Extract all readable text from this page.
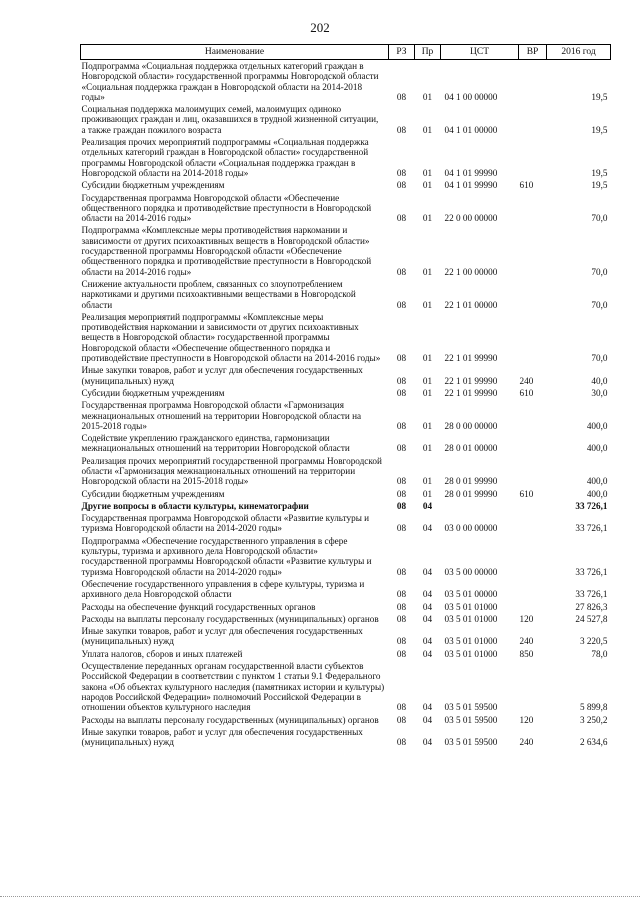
202
Наименование	РЗ	Пр	ЦСТ	ВР	2016 год
Подпрограмма «Социальная поддержка отдельных категорий граждан в Новгородской области» государственной программы Новгородской области «Социальная поддержка граждан в Новгородской области на 2014-2018 годы»	08	01	04 1 00 00000		19,5
Социальная поддержка малоимущих семей, малоимущих одиноко проживающих граждан и лиц, оказавшихся в трудной жизненной ситуации, а также граждан пожилого возраста	08	01	04 1 01 00000		19,5
Реализация прочих мероприятий подпрограммы «Социальная поддержка отдельных категорий граждан в Новгородской области» государственной программы Новгородской области «Социальная поддержка граждан в Новгородской области на 2014-2018 годы»	08	01	04 1 01 99990		19,5
Субсидии бюджетным учреждениям	08	01	04 1 01 99990	610	19,5
Государственная программа Новгородской области «Обеспечение общественного порядка и противодействие преступности в Новгородской области на 2014-2016 годы»	08	01	22 0 00 00000		70,0
Подпрограмма «Комплексные меры противодействия наркомании и зависимости от других психоактивных веществ в Новгородской области» государственной программы Новгородской области «Обеспечение общественного порядка и противодействие преступности в Новгородской области на 2014-2016 годы»	08	01	22 1 00 00000		70,0
Снижение актуальности проблем, связанных со злоупотреблением наркотиками и другими психоактивными веществами в Новгородской области	08	01	22 1 01 00000		70,0
Реализация мероприятий подпрограммы «Комплексные меры противодействия наркомании и зависимости от других психоактивных веществ в Новгородской области» государственной программы Новгородской области «Обеспечение общественного порядка и противодействие преступности в Новгородской области на 2014-2016 годы»	08	01	22 1 01 99990		70,0
Иные закупки товаров, работ и услуг для обеспечения государственных (муниципальных) нужд	08	01	22 1 01 99990	240	40,0
Субсидии бюджетным учреждениям	08	01	22 1 01 99990	610	30,0
Государственная программа Новгородской области «Гармонизация межнациональных отношений на территории Новгородской области на 2015-2018 годы»	08	01	28 0 00 00000		400,0
Содействие укреплению гражданского единства, гармонизации межнациональных отношений на территории Новгородской области	08	01	28 0 01 00000		400,0
Реализация прочих мероприятий государственной программы Новгородской области «Гармонизация межнациональных отношений на территории Новгородской области на 2015-2018 годы»	08	01	28 0 01 99990		400,0
Субсидии бюджетным учреждениям	08	01	28 0 01 99990	610	400,0
Другие вопросы в области культуры, кинематографии	08	04			33 726,1
Государственная программа Новгородской области «Развитие культуры и туризма Новгородской области на 2014-2020 годы»	08	04	03 0 00 00000		33 726,1
Подпрограмма «Обеспечение государственного управления в сфере культуры, туризма и архивного дела Новгородской области» государственной программы Новгородской области «Развитие культуры и туризма Новгородской области на 2014-2020 годы»	08	04	03 5 00 00000		33 726,1
Обеспечение государственного управления в сфере культуры, туризма и архивного дела Новгородской области	08	04	03 5 01 00000		33 726,1
Расходы на обеспечение функций государственных органов	08	04	03 5 01 01000		27 826,3
Расходы на выплаты персоналу государственных (муниципальных) органов	08	04	03 5 01 01000	120	24 527,8
Иные закупки товаров, работ и услуг для обеспечения государственных (муниципальных) нужд	08	04	03 5 01 01000	240	3 220,5
Уплата налогов, сборов и иных платежей	08	04	03 5 01 01000	850	78,0
Осуществление переданных органам государственной власти субъектов Российской Федерации в соответствии с пунктом 1 статьи 9.1 Федерального закона «Об объектах культурного наследия (памятниках истории и культуры) народов Российской Федерации» полномочий Российской Федерации в отношении объектов культурного наследия	08	04	03 5 01 59500		5 899,8
Расходы на выплаты персоналу государственных (муниципальных) органов	08	04	03 5 01 59500	120	3 250,2
Иные закупки товаров, работ и услуг для обеспечения государственных (муниципальных) нужд	08	04	03 5 01 59500	240	2 634,6
